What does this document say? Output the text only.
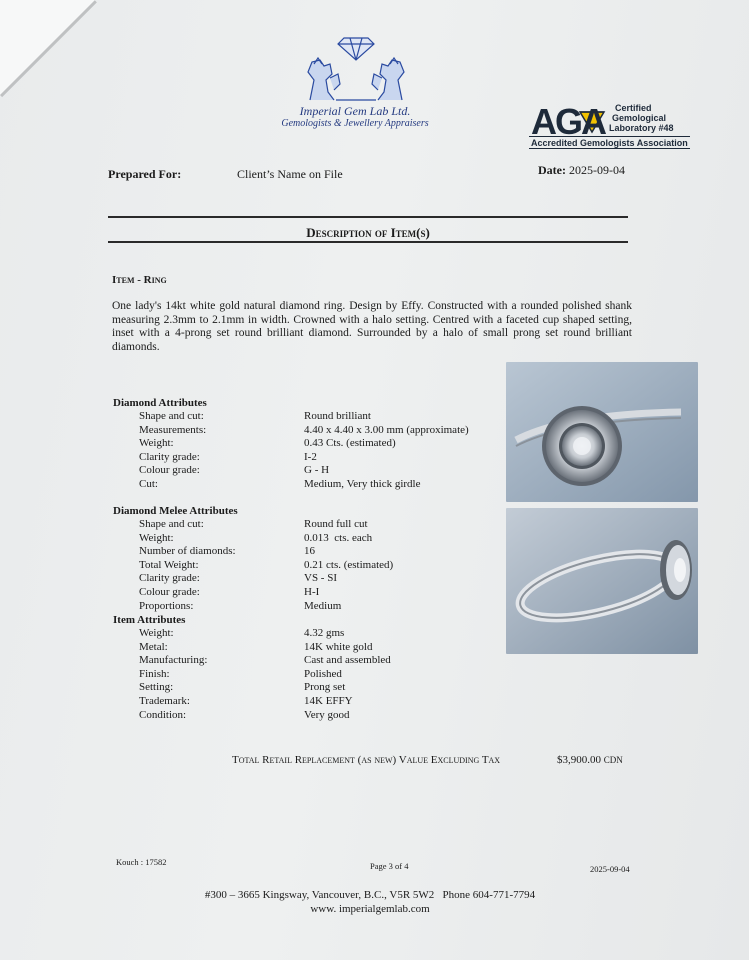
Imperial Gem Lab Ltd.
Gemologists & Jewellery Appraisers	AGA	Certified
Gemological
Laboratory #48
Accredited Gemologists Association
Prepared For:	Client’s Name on File	Date: 2025-09-04
Description of Item(s)
Item - Ring
One lady's 14kt white gold natural diamond ring. Design by Effy. Constructed with a rounded polished shank measuring 2.3mm to 2.1mm in width. Crowned with a halo setting. Centred with a faceted cup shaped setting, inset with a 4-prong set round brilliant diamond. Surrounded by a halo of small prong set round brilliant diamonds.
Diamond Attributes
Shape and cut:	Round brilliant
Measurements:	4.40 x 4.40 x 3.00 mm (approximate)
Weight:	0.43 Cts. (estimated)
Clarity grade:	I-2
Colour grade:	G - H
Cut:	Medium, Very thick girdle
Diamond Melee Attributes
Shape and cut:	Round full cut
Weight:	0.013  cts. each
Number of diamonds:	16
Total Weight:	0.21 cts. (estimated)
Clarity grade:	VS - SI
Colour grade:	H-I
Proportions:	Medium
Item Attributes
Weight:	4.32 gms
Metal:	14K white gold
Manufacturing:	Cast and assembled
Finish:	Polished
Setting:	Prong set
Trademark:	14K EFFY
Condition:	Very good
Total Retail Replacement (as new) Value Excluding Tax	$3,900.00 CDN
Kouch : 17582	Page 3 of 4	2025-09-04
#300 – 3665 Kingsway, Vancouver, B.C., V5R 5W2   Phone 604-771-7794
www. imperialgemlab.com
